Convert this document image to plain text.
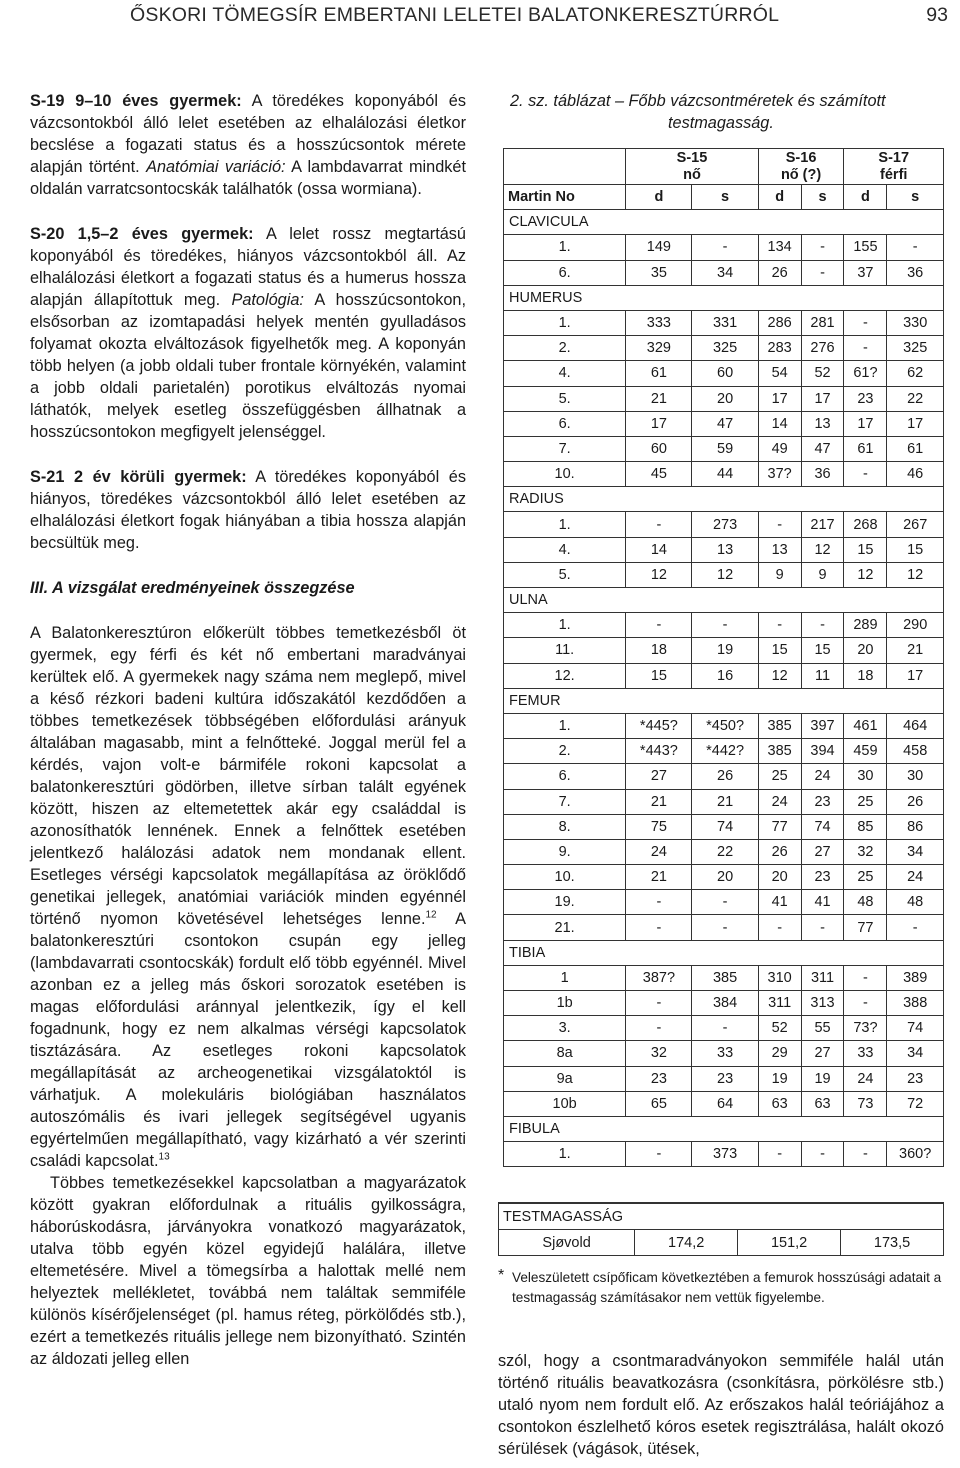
ŐSKORI TÖMEGSÍR EMBERTANI LELETEI BALATONKERESZTÚRRÓL	93

S-19 9–10 éves gyermek: A töredékes koponyából és vázcsontokból álló lelet esetében az elhalálozási életkor becslése a fogazati status és a hosszúcsontok mérete alapján történt. Anatómiai variáció: A lambdavarrat mindkét oldalán varratcsontocskák találhatók (ossa wormiana).

S-20 1,5–2 éves gyermek: A lelet rossz megtartású koponyából és töredékes, hiányos vázcsontokból áll. Az elhalálozási életkort a fogazati status és a humerus hossza alapján állapítottuk meg. Patológia: A hosszúcsontokon, elsősorban az izomtapadási helyek mentén gyulladásos folyamat okozta elváltozások figyelhetők meg. A koponyán több helyen (a jobb oldali tuber frontale környékén, valamint a jobb oldali parietalén) porotikus elváltozás nyomai láthatók, melyek esetleg összefüggésben állhatnak a hosszúcsontokon megfigyelt jelenséggel.

S-21 2 év körüli gyermek: A töredékes koponyából és hiányos, töredékes vázcsontokból álló lelet esetében az elhalálozási életkort fogak hiányában a tibia hossza alapján becsültük meg.

III. A vizsgálat eredményeinek összegzése

A Balatonkeresztúron előkerült többes temetkezésből öt gyermek, egy férfi és két nő embertani maradványai kerültek elő. A gyermekek nagy száma nem meglepő, mivel a késő rézkori badeni kultúra időszakától kezdődően a többes temetkezések többségében előfordulási arányuk általában magasabb, mint a felnőtteké. Joggal merül fel a kérdés, vajon volt-e bármiféle rokoni kapcsolat a balatonkeresztúri gödörben, illetve sírban talált egyének között, hiszen az eltemetettek akár egy családdal is azonosíthatók lennének. Ennek a felnőttek esetében jelentkező halálozási adatok nem mondanak ellent. Esetleges vérségi kapcsolatok megállapítása az öröklődő genetikai jellegek, anatómiai variációk minden egyénnél történő nyomon követésével lehetséges lenne.$^{12}$ A balatonkeresztúri csontokon csupán egy jelleg (lambdavarrati csontocskák) fordult elő több egyénnél. Mivel azonban ez a jelleg más őskori sorozatok esetében is magas előfordulási aránnyal jelentkezik, így el kell fogadnunk, hogy ez nem alkalmas vérségi kapcsolatok tisztázására. Az esetleges rokoni kapcsolatok megállapítását az archeogenetikai vizsgálatoktól is várhatjuk. A molekuláris biológiában használatos autoszómális és ivari jellegek segítségével ugyanis egyértelműen megállapítható, vagy kizárható a vér szerinti családi kapcsolat.$^{13}$

Többes temetkezésekkel kapcsolatban a magyarázatok között gyakran előfordulnak a rituális gyilkosságra, háborúskodásra, járványokra vonatkozó magyarázatok, utalva több egyén közel egyidejű halálára, illetve eltemetésére. Mivel a tömegsírba a halottak mellé nem helyeztek mellékletet, továbbá nem találtak semmiféle különös kísérőjelenséget (pl. hamus réteg, pörkölődés stb.), ezért a temetkezés rituális jellege nem bizonyítható. Szintén az áldozati jelleg ellen

2. sz. táblázat – Főbb vázcsontméretek és számított
testmagasság.
	S-15
nő		S-16
nő (?)		S-17
férfi	
Martin No	d	s	d	s	d	s
CLAVICULA						
1.	149	-	134	-	155	-
6.	35	34	26	-	37	36
HUMERUS						
1.	333	331	286	281	-	330
2.	329	325	283	276	-	325
4.	61	60	54	52	61?	62
5.	21	20	17	17	23	22
6.	17	47	14	13	17	17
7.	60	59	49	47	61	61
10.	45	44	37?	36	-	46
RADIUS						
1.	-	273	-	217	268	267
4.	14	13	13	12	15	15
5.	12	12	9	9	12	12
ULNA						
1.	-	-	-	-	289	290
11.	18	19	15	15	20	21
12.	15	16	12	11	18	17
FEMUR						
1.	*445?	*450?	385	397	461	464
2.	*443?	*442?	385	394	459	458
6.	27	26	25	24	30	30
7.	21	21	24	23	25	26
8.	75	74	77	74	85	86
9.	24	22	26	27	32	34
10.	21	20	20	23	25	24
19.	-	-	41	41	48	48
21.	-	-	-	-	77	-
TIBIA						
1	387?	385	310	311	-	389
1b	-	384	311	313	-	388
3.	-	-	52	55	73?	74
8a	32	33	29	27	33	34
9a	23	23	19	19	24	23
10b	65	64	63	63	73	72
FIBULA						
1.	-	373	-	-	-	360?
TESTMAGASSÁG
Sjøvold	174,2	151,2	173,5
* Veleszületett csípőficam következtében a femurok hosszúsági adatait a testmagasság számításakor nem vettük figyelembe.

szól, hogy a csontmaradványokon semmiféle halál után történő rituális beavatkozásra (csonkításra, pörkölésre stb.) utaló nyom nem fordult elő. Az erőszakos halál teóriájához a csontokon észlelhető kóros esetek regisztrálása, halált okozó sérülések (vágások, ütések,
